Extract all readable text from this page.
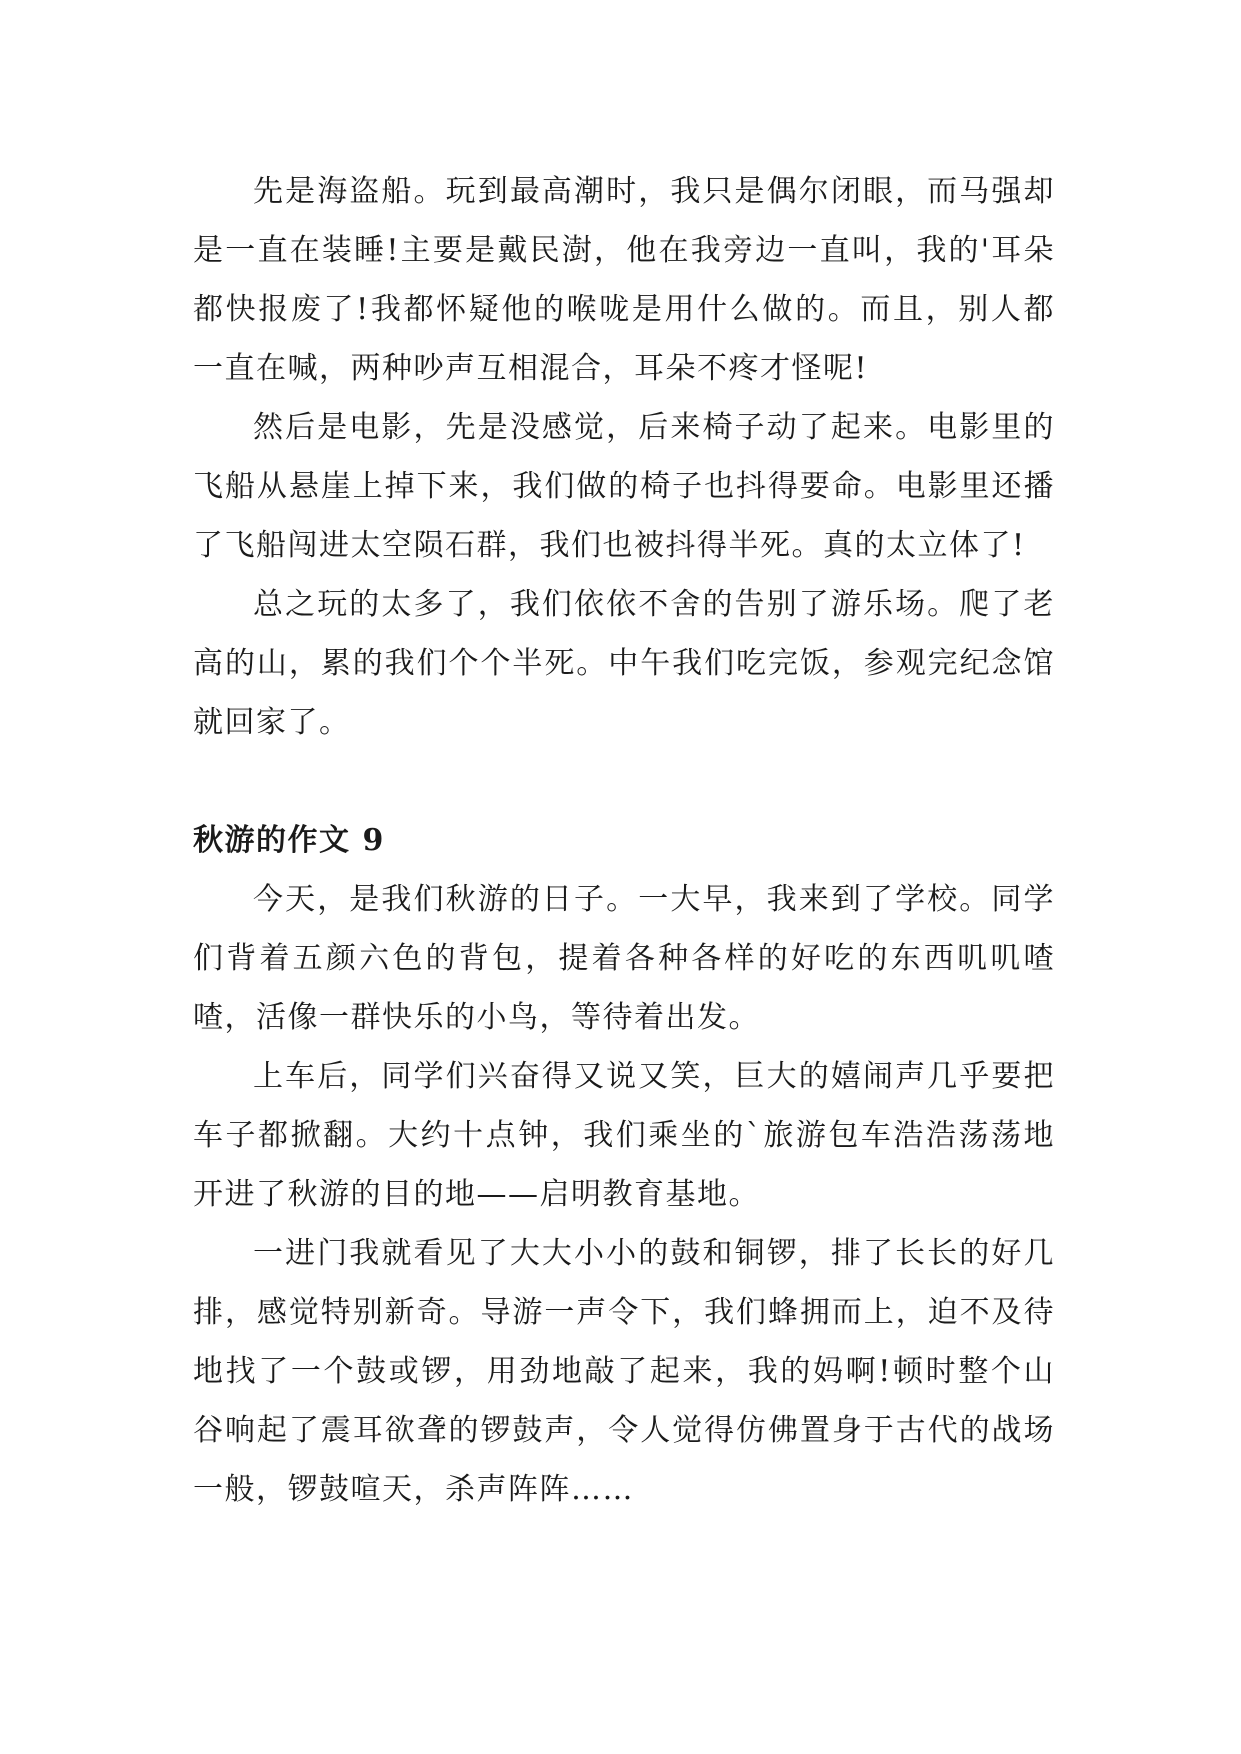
先是海盗船。玩到最高潮时，我只是偶尔闭眼，而马强却是一直在装睡!主要是戴民澍，他在我旁边一直叫，我的'耳朵都快报废了!我都怀疑他的喉咙是用什么做的。而且，别人都一直在喊，两种吵声互相混合，耳朵不疼才怪呢!

然后是电影，先是没感觉，后来椅子动了起来。电影里的飞船从悬崖上掉下来，我们做的椅子也抖得要命。电影里还播了飞船闯进太空陨石群，我们也被抖得半死。真的太立体了!

总之玩的太多了，我们依依不舍的告别了游乐场。爬了老高的山，累的我们个个半死。中午我们吃完饭，参观完纪念馆就回家了。

秋游的作文 9

今天，是我们秋游的日子。一大早，我来到了学校。同学们背着五颜六色的背包，提着各种各样的好吃的东西叽叽喳喳，活像一群快乐的小鸟，等待着出发。

上车后，同学们兴奋得又说又笑，巨大的嬉闹声几乎要把车子都掀翻。大约十点钟，我们乘坐的`旅游包车浩浩荡荡地开进了秋游的目的地——启明教育基地。

一进门我就看见了大大小小的鼓和铜锣，排了长长的好几排，感觉特别新奇。导游一声令下，我们蜂拥而上，迫不及待地找了一个鼓或锣，用劲地敲了起来，我的妈啊!顿时整个山谷响起了震耳欲聋的锣鼓声，令人觉得仿佛置身于古代的战场一般，锣鼓喧天，杀声阵阵……
